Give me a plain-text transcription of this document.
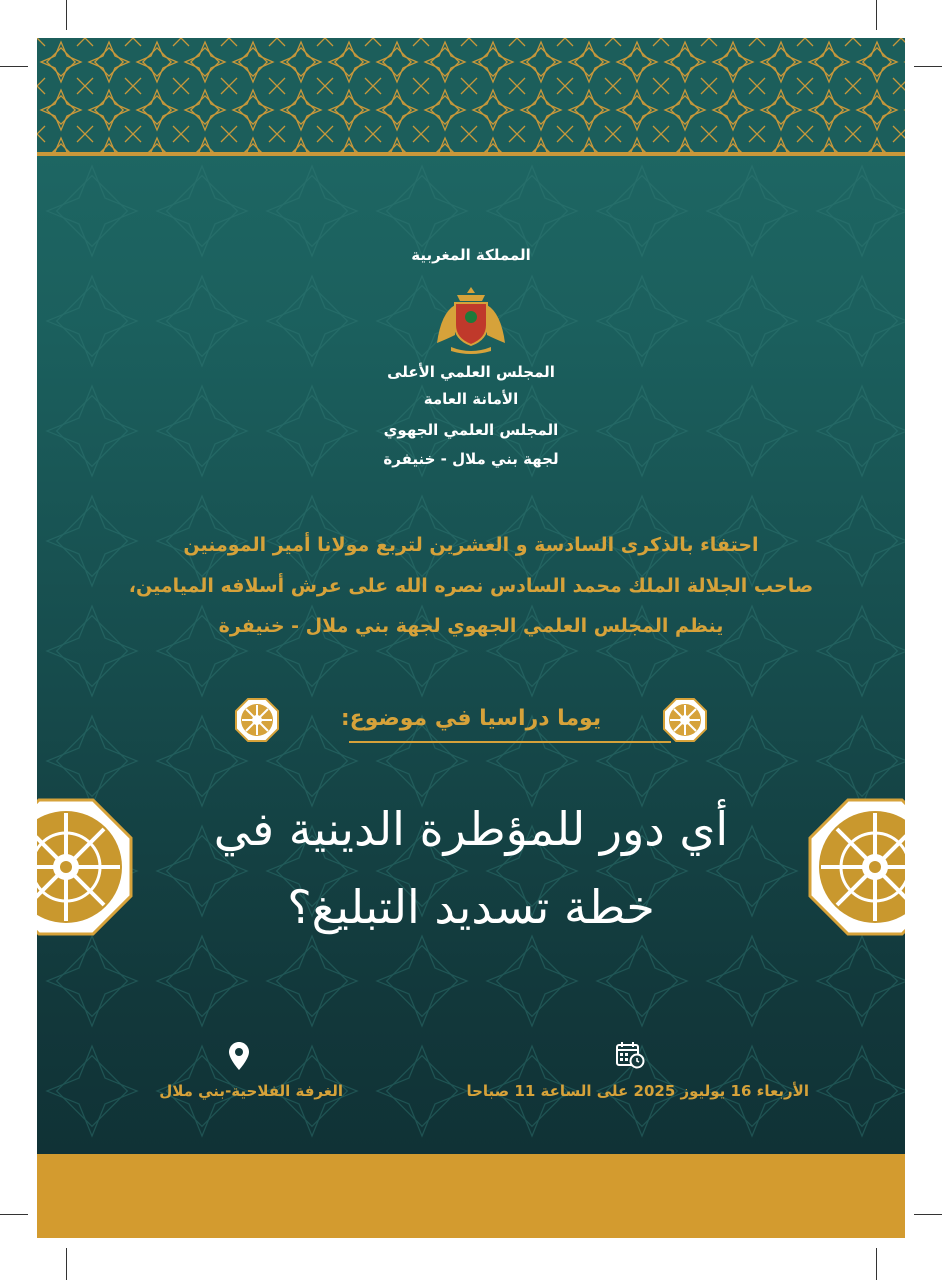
المملكة المغربية
المجلس العلمي الأعلى
الأمانة العامة
المجلس العلمي الجهوي
لجهة بني ملال - خنيفرة
احتفاء بالذكرى السادسة و العشرين لتربع مولانا أمير المومنين
صاحب الجلالة الملك محمد السادس نصره الله على عرش أسلافه الميامين،
ينظم المجلس العلمي الجهوي لجهة بني ملال - خنيفرة
يوما دراسيا في موضوع:
أي دور للمؤطرة الدينية في
خطة تسديد التبليغ؟
الأربعاء 16 يوليوز 2025 على الساعة 11 صباحا
الغرفة الفلاحية-بني ملال
